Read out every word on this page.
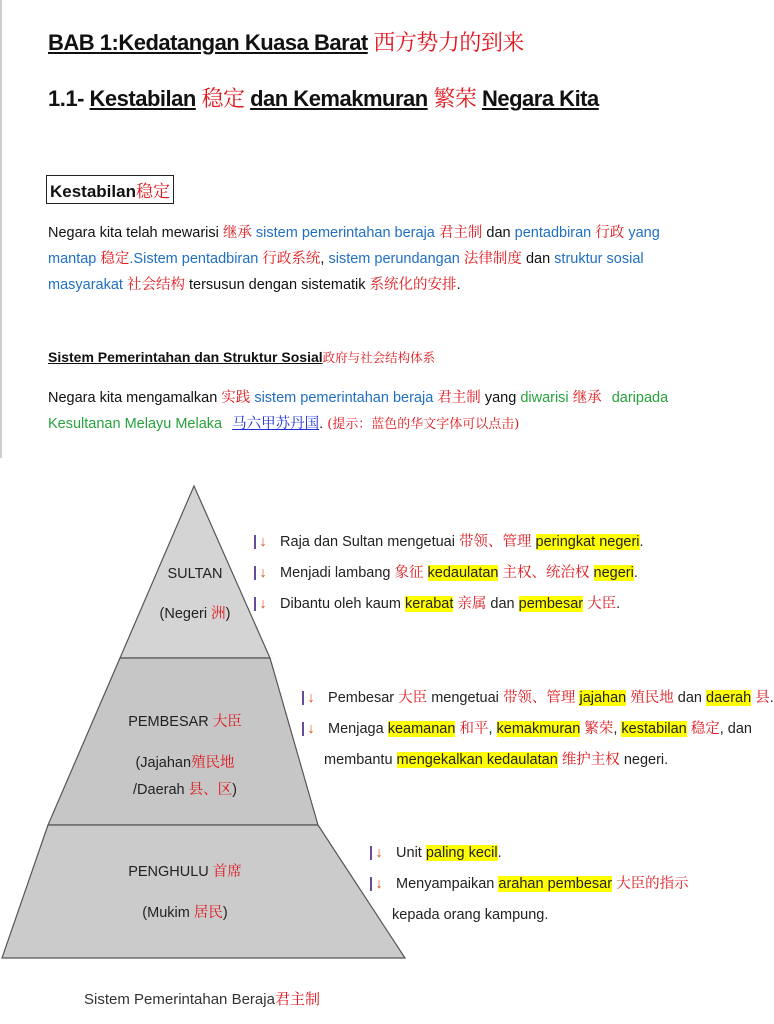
BAB 1:Kedatangan Kuasa Barat 西方势力的到来
1.1- Kestabilan 稳定 dan Kemakmuran 繁荣 Negara Kita
Kestabilan稳定
Negara kita telah mewarisi 继承 sistem pemerintahan beraja 君主制 dan pentadbiran 行政 yang
mantap 稳定.Sistem pentadbiran 行政系统, sistem perundangan 法律制度 dan struktur sosial
masyarakat 社会结构 tersusun dengan sistematik 系统化的安排.
Sistem Pemerintahan dan Struktur Sosial政府与社会结构体系
Negara kita mengamalkan 实践 sistem pemerintahan beraja 君主制 yang diwarisi 继承 daripada
Kesultanan Melayu Melaka 马六甲苏丹国. (提示：蓝色的华文字体可以点击)
SULTAN
(Negeri 洲)
PEMBESAR 大臣
(Jajahan殖民地
/Daerah 县、区)
PENGHULU 首席
(Mukim 居民)
↓ Raja dan Sultan mengetuai 带领、管理 peringkat negeri.
↓ Menjadi lambang 象征 kedaulatan 主权、统治权 negeri.
↓ Dibantu oleh kaum kerabat 亲属 dan pembesar 大臣.
↓ Pembesar 大臣 mengetuai 带领、管理 jajahan 殖民地 dan daerah 县.
↓ Menjaga keamanan 和平, kemakmuran 繁荣, kestabilan 稳定, dan
membantu mengekalkan kedaulatan 维护主权 negeri.
↓ Unit paling kecil.
↓ Menyampaikan arahan pembesar 大臣的指示
kepada orang kampung.
Sistem Pemerintahan Beraja君主制
